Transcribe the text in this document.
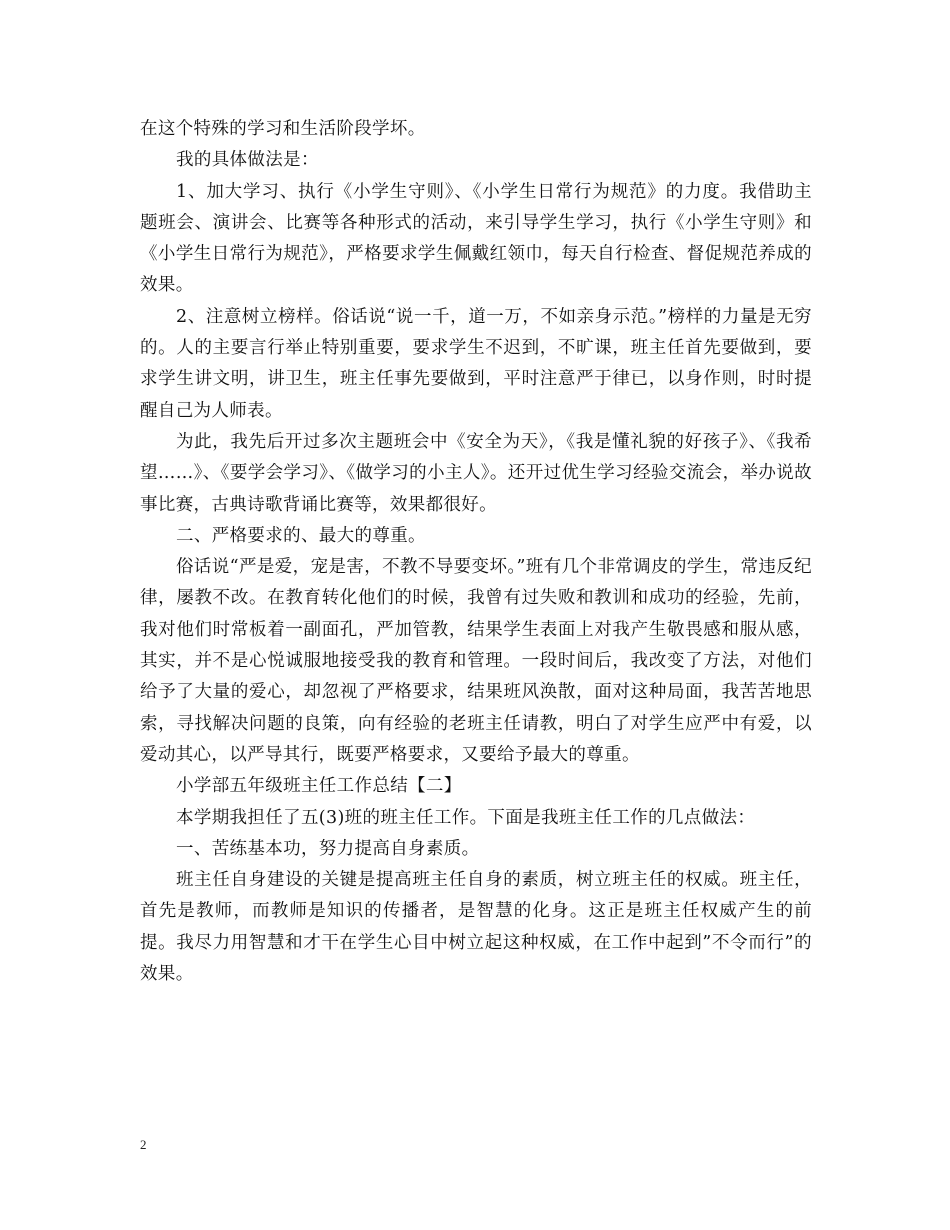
在这个特殊的学习和生活阶段学坏。

我的具体做法是：

1、加大学习、执行《小学生守则》、《小学生日常行为规范》的力度。我借助主题班会、演讲会、比赛等各种形式的活动，来引导学生学习，执行《小学生守则》和《小学生日常行为规范》，严格要求学生佩戴红领巾，每天自行检查、督促规范养成的效果。

2、注意树立榜样。俗话说“说一千，道一万，不如亲身示范。”榜样的力量是无穷的。人的主要言行举止特别重要，要求学生不迟到，不旷课，班主任首先要做到，要求学生讲文明，讲卫生，班主任事先要做到，平时注意严于律已，以身作则，时时提醒自己为人师表。

为此，我先后开过多次主题班会中《安全为天》，《我是懂礼貌的好孩子》、《我希望……》、《要学会学习》、《做学习的小主人》。还开过优生学习经验交流会，举办说故事比赛，古典诗歌背诵比赛等，效果都很好。

二、严格要求的、最大的尊重。

俗话说“严是爱，宠是害，不教不导要变坏。”班有几个非常调皮的学生，常违反纪律，屡教不改。在教育转化他们的时候，我曾有过失败和教训和成功的经验，先前，我对他们时常板着一副面孔，严加管教，结果学生表面上对我产生敬畏感和服从感，其实，并不是心悦诚服地接受我的教育和管理。一段时间后，我改变了方法，对他们给予了大量的爱心，却忽视了严格要求，结果班风涣散，面对这种局面，我苦苦地思索，寻找解决问题的良策，向有经验的老班主任请教，明白了对学生应严中有爱，以爱动其心，以严导其行，既要严格要求，又要给予最大的尊重。

小学部五年级班主任工作总结【二】

本学期我担任了五(3)班的班主任工作。下面是我班主任工作的几点做法：

一、苦练基本功，努力提高自身素质。

班主任自身建设的关键是提高班主任自身的素质，树立班主任的权威。班主任，首先是教师，而教师是知识的传播者，是智慧的化身。这正是班主任权威产生的前提。我尽力用智慧和才干在学生心目中树立起这种权威，在工作中起到”不令而行”的效果。

2
